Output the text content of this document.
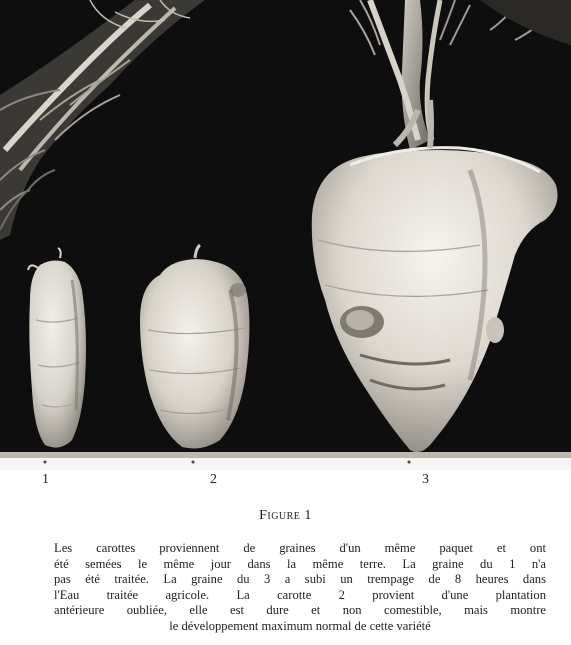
1	2	3
Figure 1
Les carottes proviennent de graines d'un même paquet et ont
été semées le même jour dans la même terre. La graine du 1 n'a
pas été traitée. La graine du 3 a subi un trempage de 8 heures dans
l'Eau traitée agricole. La carotte 2 provient d'une plantation
antérieure oubliée, elle est dure et non comestible, mais montre
le développement maximum normal de cette variété
